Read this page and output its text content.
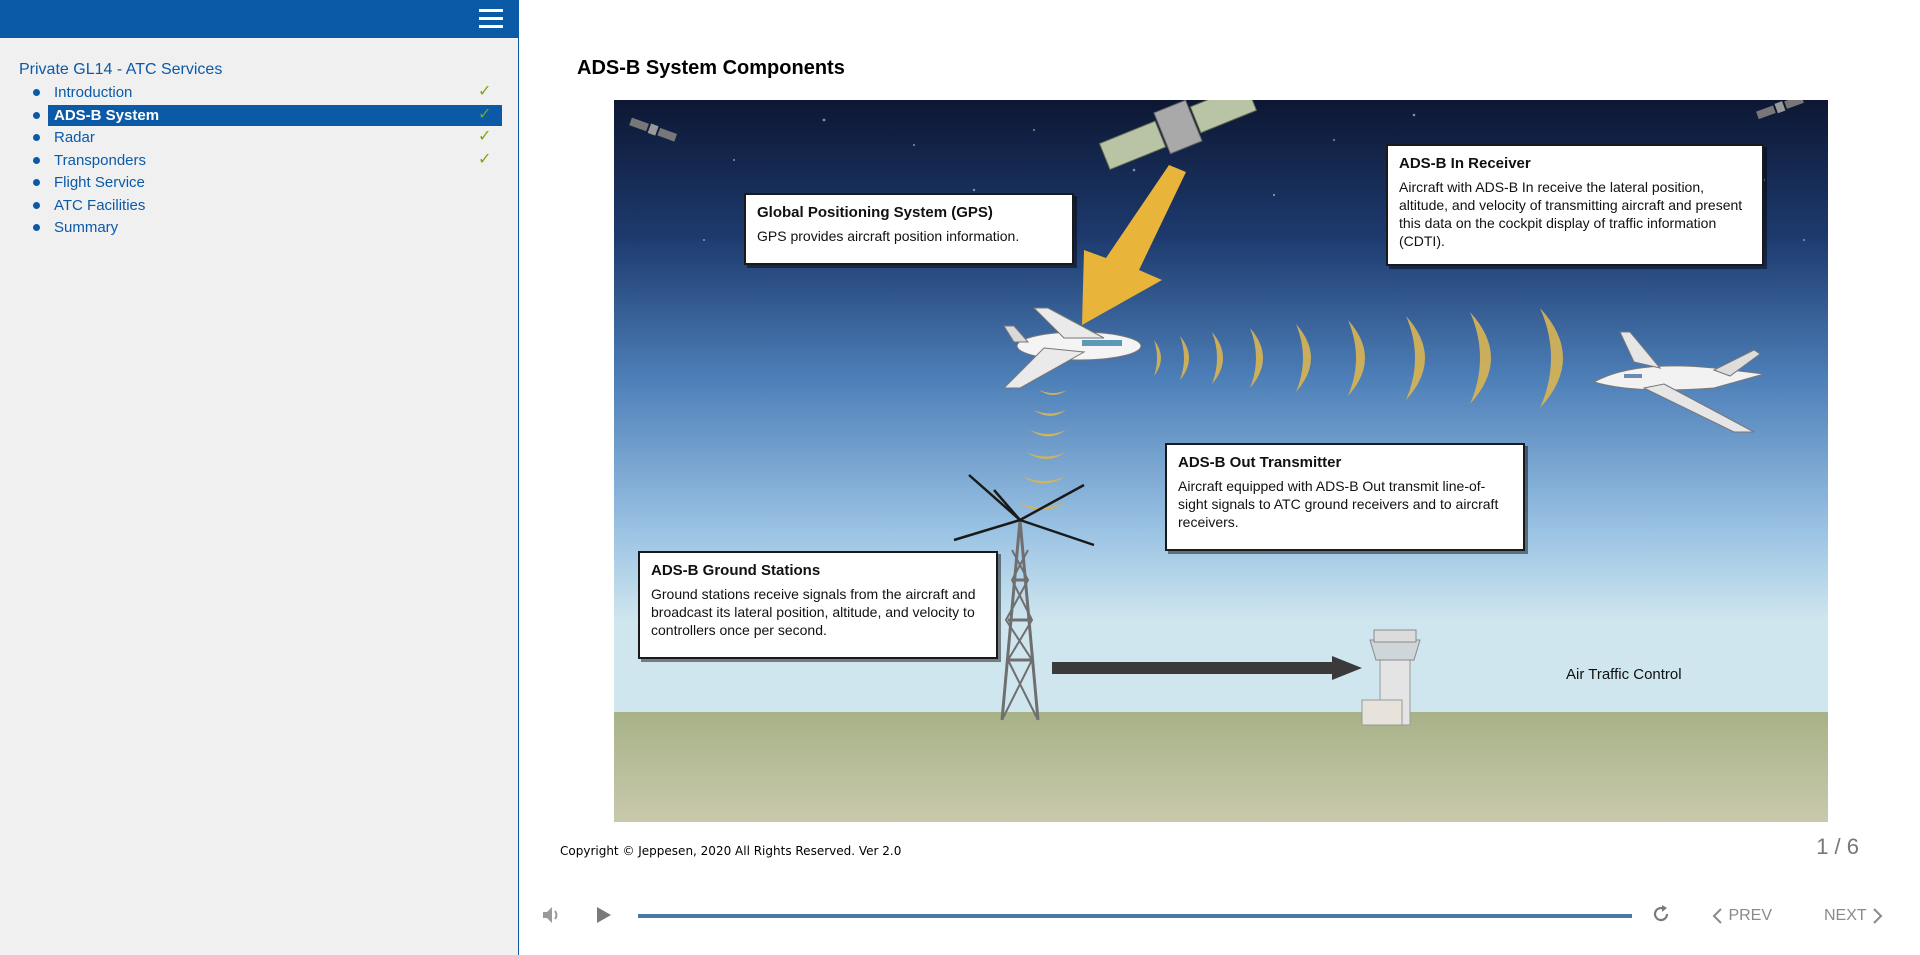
Private GL14 - ATC Services
Introduction	✓
ADS-B System	✓
Radar	✓
Transponders	✓
Flight Service
ATC Facilities
Summary
ADS-B System Components
Global Positioning System (GPS)
GPS provides aircraft position information.
ADS-B In Receiver
Aircraft with ADS-B In receive the lateral position, altitude, and velocity of transmitting aircraft and present this data on the cockpit display of traffic information (CDTI).
ADS-B Out Transmitter
Aircraft equipped with ADS-B Out transmit line-of-sight signals to ATC ground receivers and to aircraft receivers.
ADS-B Ground Stations
Ground stations receive signals from the aircraft and broadcast its lateral position, altitude, and velocity to controllers once per second.
Air Traffic Control
Copyright © Jeppesen, 2020 All Rights Reserved. Ver 2.0	1 / 6
PREV	NEXT
